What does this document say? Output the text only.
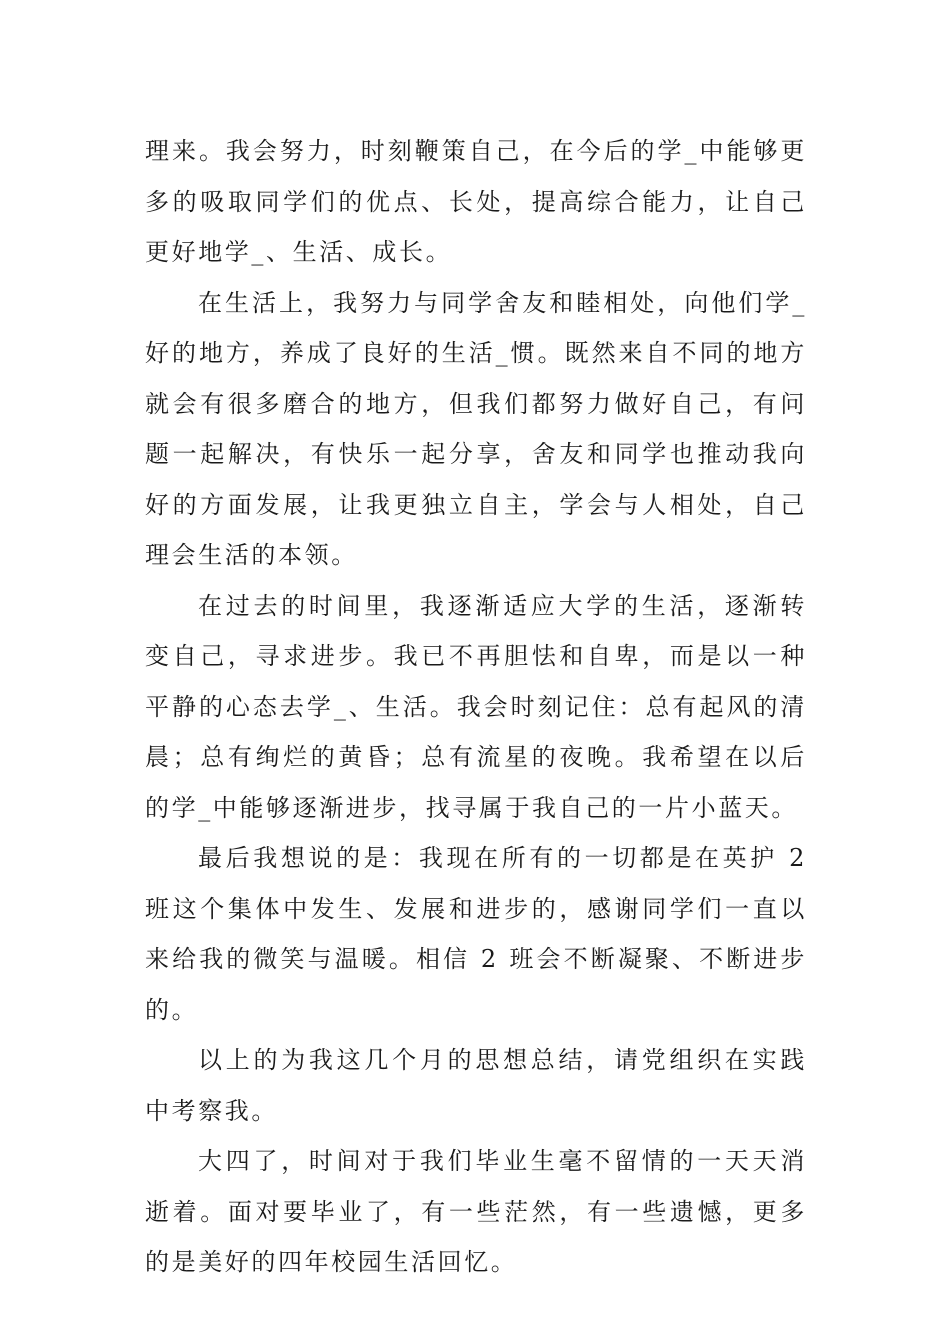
理来。我会努力，时刻鞭策自己，在今后的学_中能够更多的吸取同学们的优点、长处，提高综合能力，让自己更好地学_、生活、成长。

在生活上，我努力与同学舍友和睦相处，向他们学_好的地方，养成了良好的生活_惯。既然来自不同的地方就会有很多磨合的地方，但我们都努力做好自己，有问题一起解决，有快乐一起分享，舍友和同学也推动我向好的方面发展，让我更独立自主，学会与人相处，自己理会生活的本领。

在过去的时间里，我逐渐适应大学的生活，逐渐转变自己，寻求进步。我已不再胆怯和自卑，而是以一种平静的心态去学_、生活。我会时刻记住：总有起风的清晨；总有绚烂的黄昏；总有流星的夜晚。我希望在以后的学_中能够逐渐进步，找寻属于我自己的一片小蓝天。

最后我想说的是：我现在所有的一切都是在英护 2 班这个集体中发生、发展和进步的，感谢同学们一直以来给我的微笑与温暖。相信 2 班会不断凝聚、不断进步的。

以上的为我这几个月的思想总结，请党组织在实践中考察我。

大四了，时间对于我们毕业生毫不留情的一天天消逝着。面对要毕业了，有一些茫然，有一些遗憾，更多的是美好的四年校园生活回忆。
